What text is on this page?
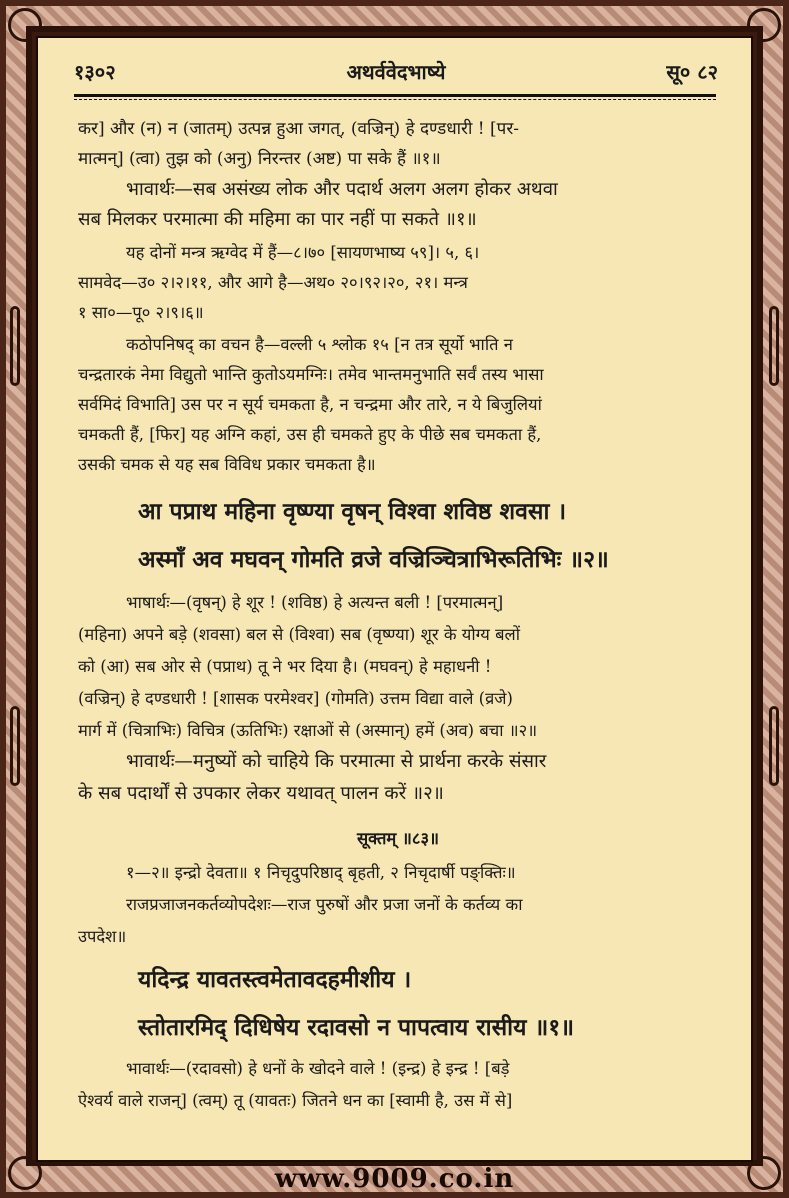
१३०२	अथर्ववेदभाष्ये	सू० ८२
कर] और (न) न (जातम्) उत्पन्न हुआ जगत्, (वज्रिन्) हे दण्डधारी ! [पर-
मात्मन्] (त्वा) तुझ को (अनु) निरन्तर (अष्ट) पा सके हैं ॥१॥
भावार्थः—सब असंख्य लोक और पदार्थ अलग अलग होकर अथवा
सब मिलकर परमात्मा की महिमा का पार नहीं पा सकते ॥१॥
यह दोनों मन्त्र ऋग्वेद में हैं—८।७० [सायणभाष्य ५९]। ५, ६।
सामवेद—उ० २।२।११, और आगे है—अथ० २०।९२।२०, २१। मन्त्र
१ सा०—पू० २।९।६॥
कठोपनिषद् का वचन है—वल्ली ५ श्लोक १५ [न तत्र सूर्यो भाति न
चन्द्रतारकं नेमा विद्युतो भान्ति कुतोऽयमग्निः। तमेव भान्तमनुभाति सर्वं तस्य भासा
सर्वमिदं विभाति] उस पर न सूर्य चमकता है, न चन्द्रमा और तारे, न ये बिजुलियां
चमकती हैं, [फिर] यह अग्नि कहां, उस ही चमकते हुए के पीछे सब चमकता हैं,
उसकी चमक से यह सब विविध प्रकार चमकता है॥
आ पप्राथ महिना वृष्ण्या वृषन् विश्वा शविष्ठ शवसा ।
अस्माँ अव मघवन् गोमति व्रजे वज्रिञ्चित्राभिरूतिभिः ॥२॥
भाषार्थः—(वृषन्) हे शूर ! (शविष्ठ) हे अत्यन्त बली ! [परमात्मन्]
(महिना) अपने बड़े (शवसा) बल से (विश्वा) सब (वृष्ण्या) शूर के योग्य बलों
को (आ) सब ओर से (पप्राथ) तू ने भर दिया है। (मघवन्) हे महाधनी !
(वज्रिन्) हे दण्डधारी ! [शासक परमेश्वर] (गोमति) उत्तम विद्या वाले (व्रजे)
मार्ग में (चित्राभिः) विचित्र (ऊतिभिः) रक्षाओं से (अस्मान्) हमें (अव) बचा ॥२॥
भावार्थः—मनुष्यों को चाहिये कि परमात्मा से प्रार्थना करके संसार
के सब पदार्थों से उपकार लेकर यथावत् पालन करें ॥२॥
सूक्तम् ॥८३॥
१—२॥ इन्द्रो देवता॥ १ निचृदुपरिष्ठाद् बृहती, २ निचृदार्षी पङ्क्तिः॥
राजप्रजाजनकर्तव्योपदेशः—राज पुरुषों और प्रजा जनों के कर्तव्य का
उपदेश॥
यदिन्द्र यावतस्त्वमेतावदहमीशीय ।
स्तोतारमिद् दिधिषेय रदावसो न पापत्वाय रासीय ॥१॥
भावार्थः—(रदावसो) हे धनों के खोदने वाले ! (इन्द्र) हे इन्द्र ! [बड़े
ऐश्वर्य वाले राजन्] (त्वम्) तू (यावतः) जितने धन का [स्वामी है, उस में से]
www.9009.co.in
